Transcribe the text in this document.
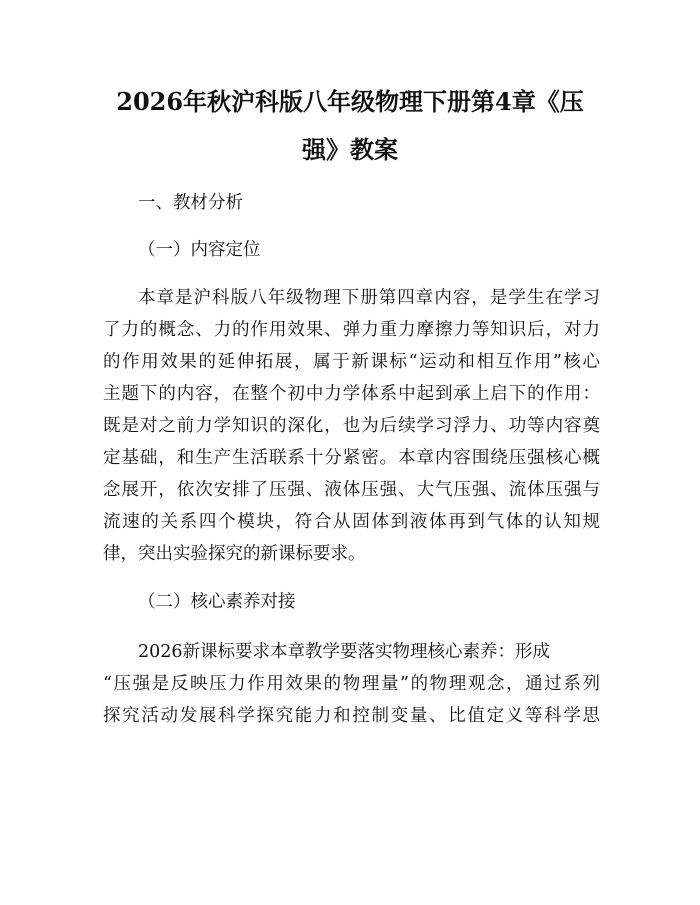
2026年秋沪科版八年级物理下册第4章《压
强》教案

一、教材分析

（一）内容定位

本章是沪科版八年级物理下册第四章内容，是学生在学习

了力的概念、力的作用效果、弹力重力摩擦力等知识后，对力

的作用效果的延伸拓展，属于新课标“运动和相互作用”核心

主题下的内容，在整个初中力学体系中起到承上启下的作用：

既是对之前力学知识的深化，也为后续学习浮力、功等内容奠

定基础，和生产生活联系十分紧密。本章内容围绕压强核心概

念展开，依次安排了压强、液体压强、大气压强、流体压强与

流速的关系四个模块，符合从固体到液体再到气体的认知规

律，突出实验探究的新课标要求。

（二）核心素养对接

2026新课标要求本章教学要落实物理核心素养：形成

“压强是反映压力作用效果的物理量”的物理观念，通过系列

探究活动发展科学探究能力和控制变量、比值定义等科学思
